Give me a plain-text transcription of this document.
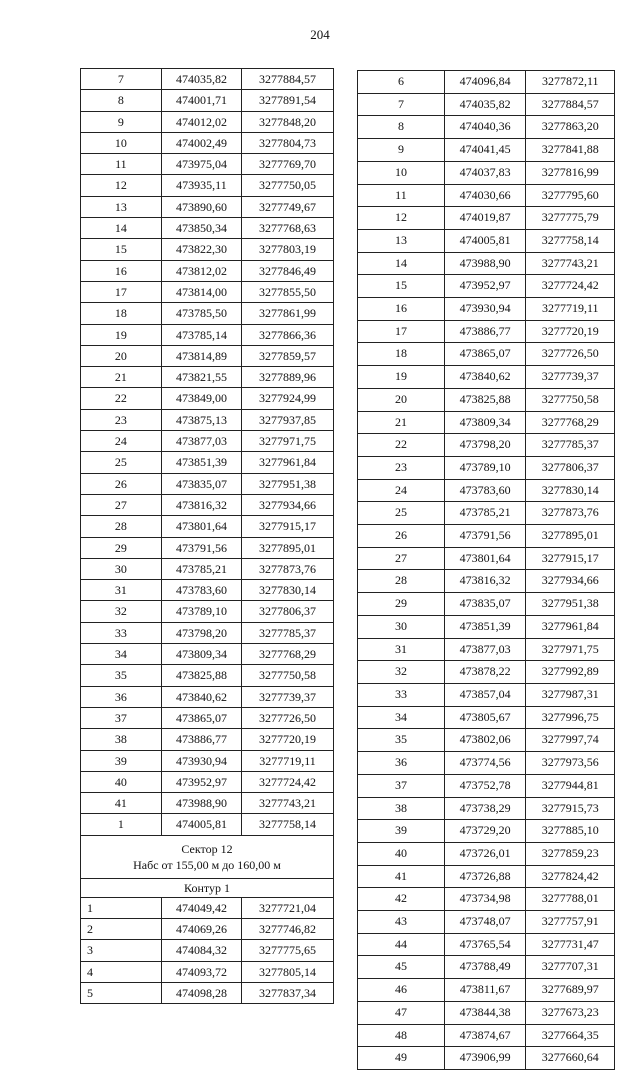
204
7	474035,82	3277884,57
8	474001,71	3277891,54
9	474012,02	3277848,20
10	474002,49	3277804,73
11	473975,04	3277769,70
12	473935,11	3277750,05
13	473890,60	3277749,67
14	473850,34	3277768,63
15	473822,30	3277803,19
16	473812,02	3277846,49
17	473814,00	3277855,50
18	473785,50	3277861,99
19	473785,14	3277866,36
20	473814,89	3277859,57
21	473821,55	3277889,96
22	473849,00	3277924,99
23	473875,13	3277937,85
24	473877,03	3277971,75
25	473851,39	3277961,84
26	473835,07	3277951,38
27	473816,32	3277934,66
28	473801,64	3277915,17
29	473791,56	3277895,01
30	473785,21	3277873,76
31	473783,60	3277830,14
32	473789,10	3277806,37
33	473798,20	3277785,37
34	473809,34	3277768,29
35	473825,88	3277750,58
36	473840,62	3277739,37
37	473865,07	3277726,50
38	473886,77	3277720,19
39	473930,94	3277719,11
40	473952,97	3277724,42
41	473988,90	3277743,21
1	474005,81	3277758,14

Сектор 12
Набс от 155,00 м до 160,00 м		

Контур 1		
1	474049,42	3277721,04
2	474069,26	3277746,82
3	474084,32	3277775,65
4	474093,72	3277805,14
5	474098,28	3277837,34
6	474096,84	3277872,11
7	474035,82	3277884,57
8	474040,36	3277863,20
9	474041,45	3277841,88
10	474037,83	3277816,99
11	474030,66	3277795,60
12	474019,87	3277775,79
13	474005,81	3277758,14
14	473988,90	3277743,21
15	473952,97	3277724,42
16	473930,94	3277719,11
17	473886,77	3277720,19
18	473865,07	3277726,50
19	473840,62	3277739,37
20	473825,88	3277750,58
21	473809,34	3277768,29
22	473798,20	3277785,37
23	473789,10	3277806,37
24	473783,60	3277830,14
25	473785,21	3277873,76
26	473791,56	3277895,01
27	473801,64	3277915,17
28	473816,32	3277934,66
29	473835,07	3277951,38
30	473851,39	3277961,84
31	473877,03	3277971,75
32	473878,22	3277992,89
33	473857,04	3277987,31
34	473805,67	3277996,75
35	473802,06	3277997,74
36	473774,56	3277973,56
37	473752,78	3277944,81
38	473738,29	3277915,73
39	473729,20	3277885,10
40	473726,01	3277859,23
41	473726,88	3277824,42
42	473734,98	3277788,01
43	473748,07	3277757,91
44	473765,54	3277731,47
45	473788,49	3277707,31
46	473811,67	3277689,97
47	473844,38	3277673,23
48	473874,67	3277664,35
49	473906,99	3277660,64
